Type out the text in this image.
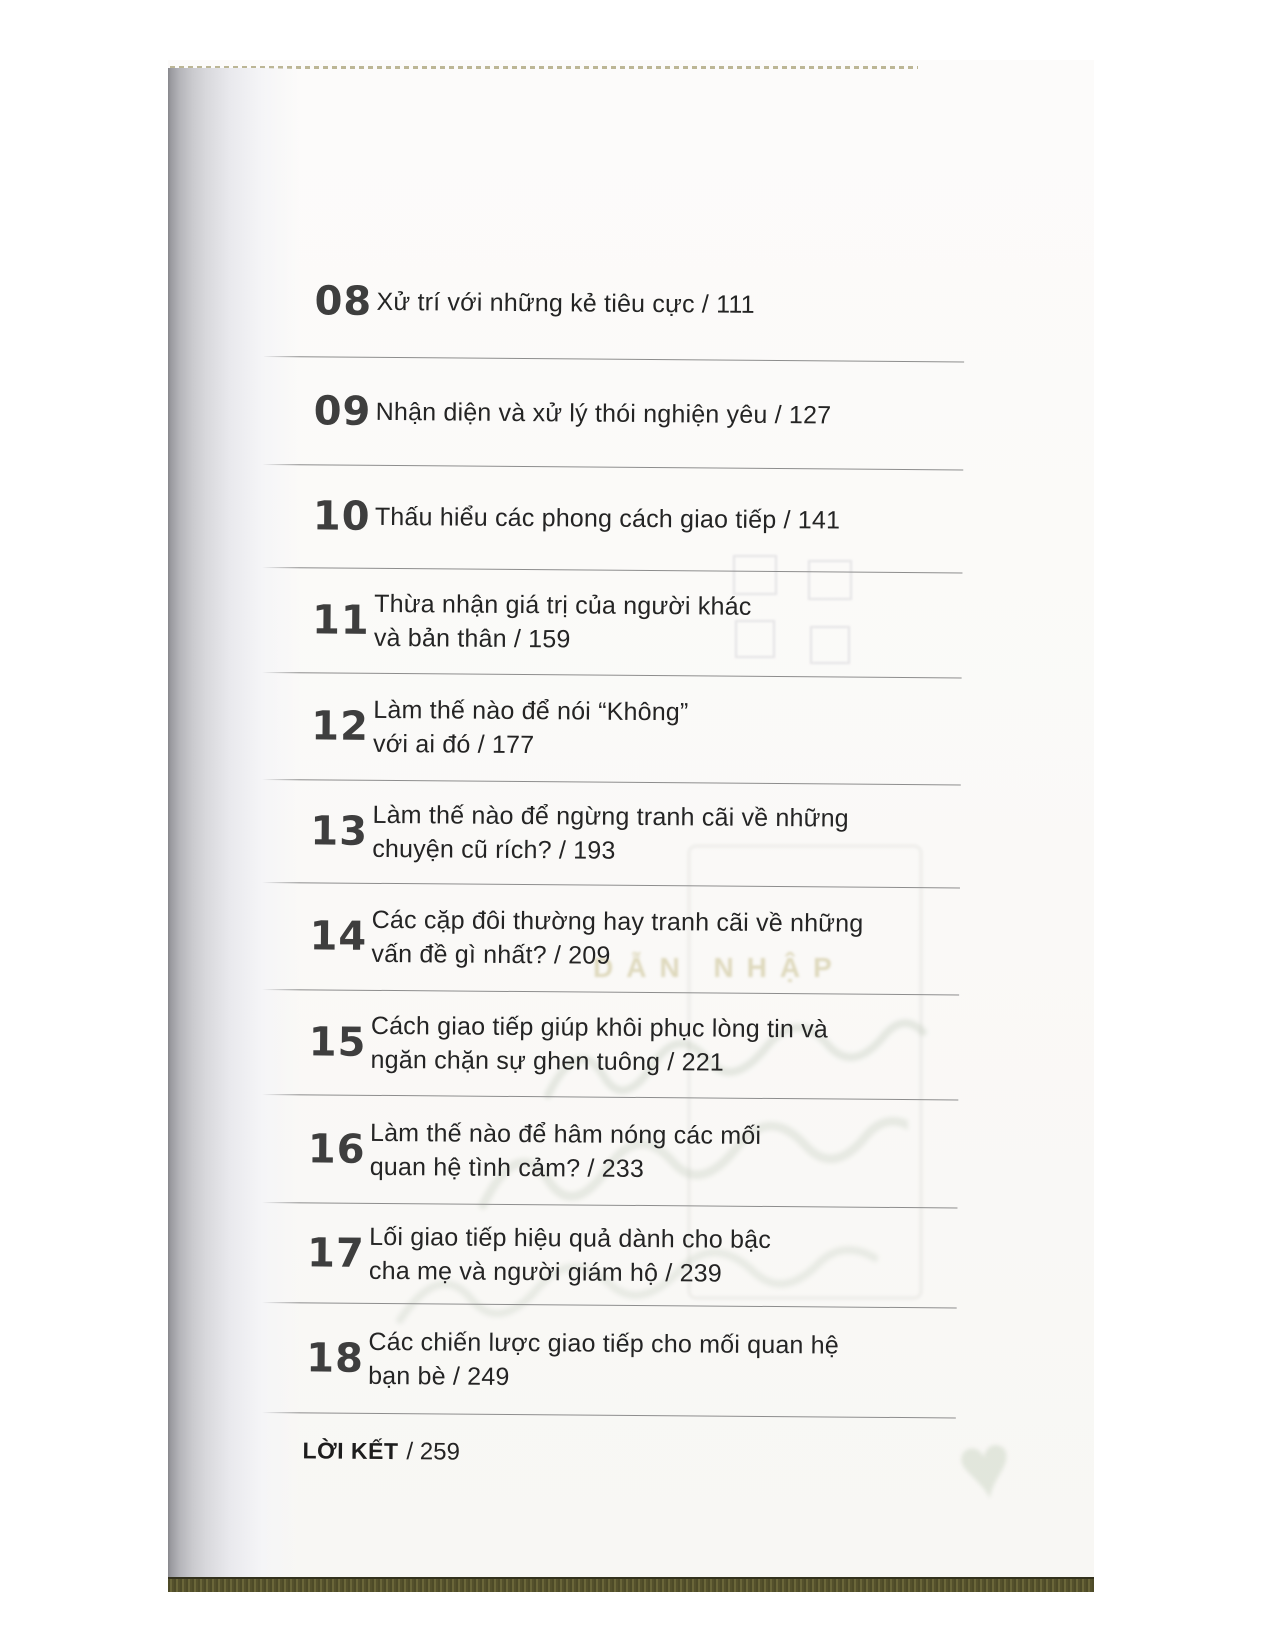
DẪN NHẬP
♥
08 Xử trí với những kẻ tiêu cực / 111
09 Nhận diện và xử lý thói nghiện yêu / 127
10 Thấu hiểu các phong cách giao tiếp / 141
11 Thừa nhận giá trị của người khác
và bản thân / 159
12 Làm thế nào để nói “Không”
với ai đó / 177
13 Làm thế nào để ngừng tranh cãi về những
chuyện cũ rích? / 193
14 Các cặp đôi thường hay tranh cãi về những
vấn đề gì nhất? / 209
15 Cách giao tiếp giúp khôi phục lòng tin và
ngăn chặn sự ghen tuông / 221
16 Làm thế nào để hâm nóng các mối
quan hệ tình cảm? / 233
17 Lối giao tiếp hiệu quả dành cho bậc
cha mẹ và người giám hộ / 239
18 Các chiến lược giao tiếp cho mối quan hệ
bạn bè / 249
LỜI KẾT / 259
